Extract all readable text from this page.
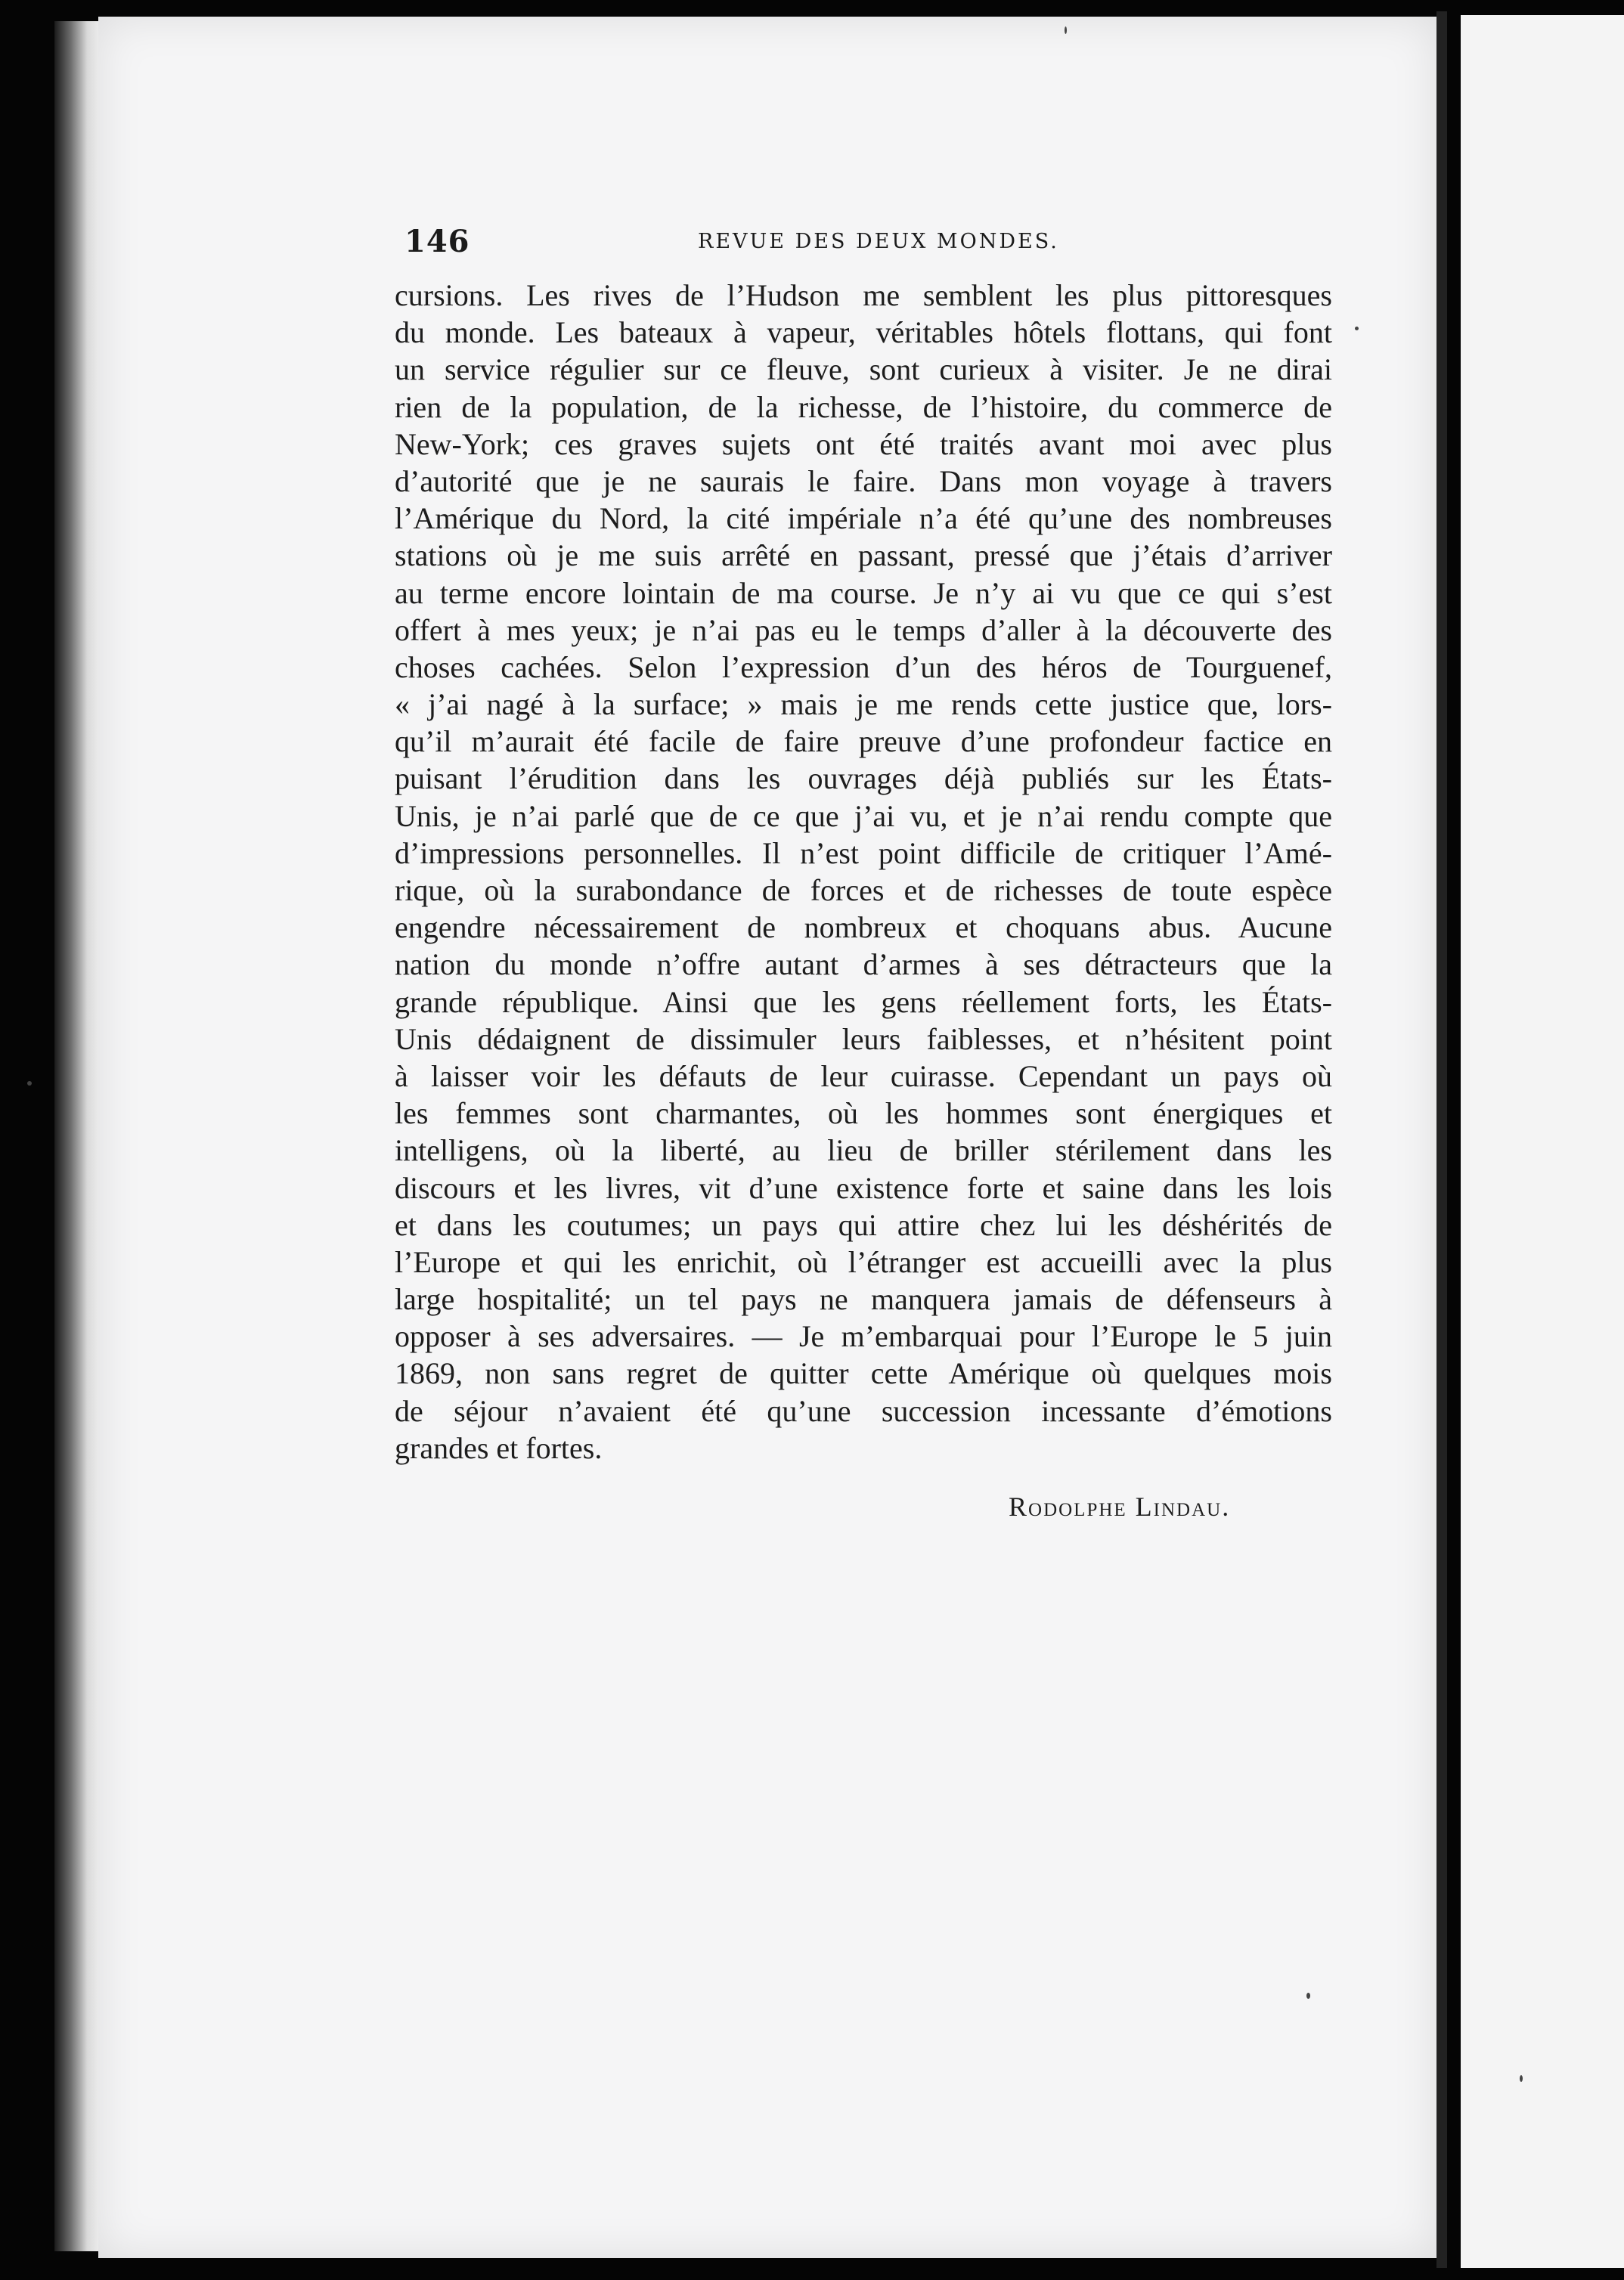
146	REVUE DES DEUX MONDES.
cursions. Les rives de l’Hudson me semblent les plus pittoresques
du monde. Les bateaux à vapeur, véritables hôtels flottans, qui font
un service régulier sur ce fleuve, sont curieux à visiter. Je ne dirai
rien de la population, de la richesse, de l’histoire, du commerce de
New-York; ces graves sujets ont été traités avant moi avec plus
d’autorité que je ne saurais le faire. Dans mon voyage à travers
l’Amérique du Nord, la cité impériale n’a été qu’une des nombreuses
stations où je me suis arrêté en passant, pressé que j’étais d’arriver
au terme encore lointain de ma course. Je n’y ai vu que ce qui s’est
offert à mes yeux; je n’ai pas eu le temps d’aller à la découverte des
choses cachées. Selon l’expression d’un des héros de Tourguenef,
« j’ai nagé à la surface; » mais je me rends cette justice que, lors-
qu’il m’aurait été facile de faire preuve d’une profondeur factice en
puisant l’érudition dans les ouvrages déjà publiés sur les États-
Unis, je n’ai parlé que de ce que j’ai vu, et je n’ai rendu compte que
d’impressions personnelles. Il n’est point difficile de critiquer l’Amé-
rique, où la surabondance de forces et de richesses de toute espèce
engendre nécessairement de nombreux et choquans abus. Aucune
nation du monde n’offre autant d’armes à ses détracteurs que la
grande république. Ainsi que les gens réellement forts, les États-
Unis dédaignent de dissimuler leurs faiblesses, et n’hésitent point
à laisser voir les défauts de leur cuirasse. Cependant un pays où
les femmes sont charmantes, où les hommes sont énergiques et
intelligens, où la liberté, au lieu de briller stérilement dans les
discours et les livres, vit d’une existence forte et saine dans les lois
et dans les coutumes; un pays qui attire chez lui les déshérités de
l’Europe et qui les enrichit, où l’étranger est accueilli avec la plus
large hospitalité; un tel pays ne manquera jamais de défenseurs à
opposer à ses adversaires. — Je m’embarquai pour l’Europe le 5 juin
1869, non sans regret de quitter cette Amérique où quelques mois
de séjour n’avaient été qu’une succession incessante d’émotions
grandes et fortes.
Rodolphe Lindau.
